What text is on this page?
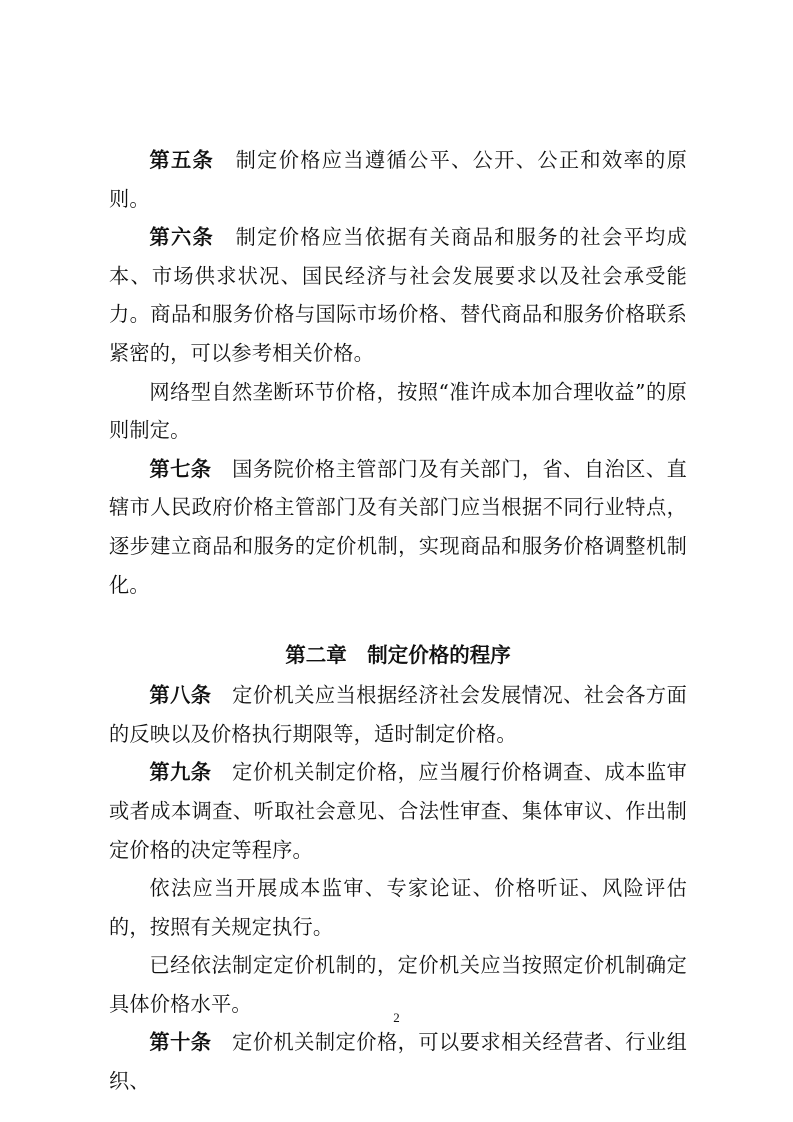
第五条　 制定价格应当遵循公平、公开、公正和效率的原则。

第六条　 制定价格应当依据有关商品和服务的社会平均成本、市场供求状况、国民经济与社会发展要求以及社会承受能力。商品和服务价格与国际市场价格、替代商品和服务价格联系紧密的，可以参考相关价格。

网络型自然垄断环节价格，按照“准许成本加合理收益”的原则制定。

第七条　 国务院价格主管部门及有关部门，省、自治区、直辖市人民政府价格主管部门及有关部门应当根据不同行业特点，逐步建立商品和服务的定价机制，实现商品和服务价格调整机制化。

第二章　制定价格的程序

第八条　 定价机关应当根据经济社会发展情况、社会各方面的反映以及价格执行期限等，适时制定价格。

第九条　 定价机关制定价格，应当履行价格调查、成本监审或者成本调查、听取社会意见、合法性审查、集体审议、作出制定价格的决定等程序。

依法应当开展成本监审、专家论证、价格听证、风险评估的，按照有关规定执行。

已经依法制定定价机制的，定价机关应当按照定价机制确定具体价格水平。

第十条　 定价机关制定价格，可以要求相关经营者、行业组织、

2
